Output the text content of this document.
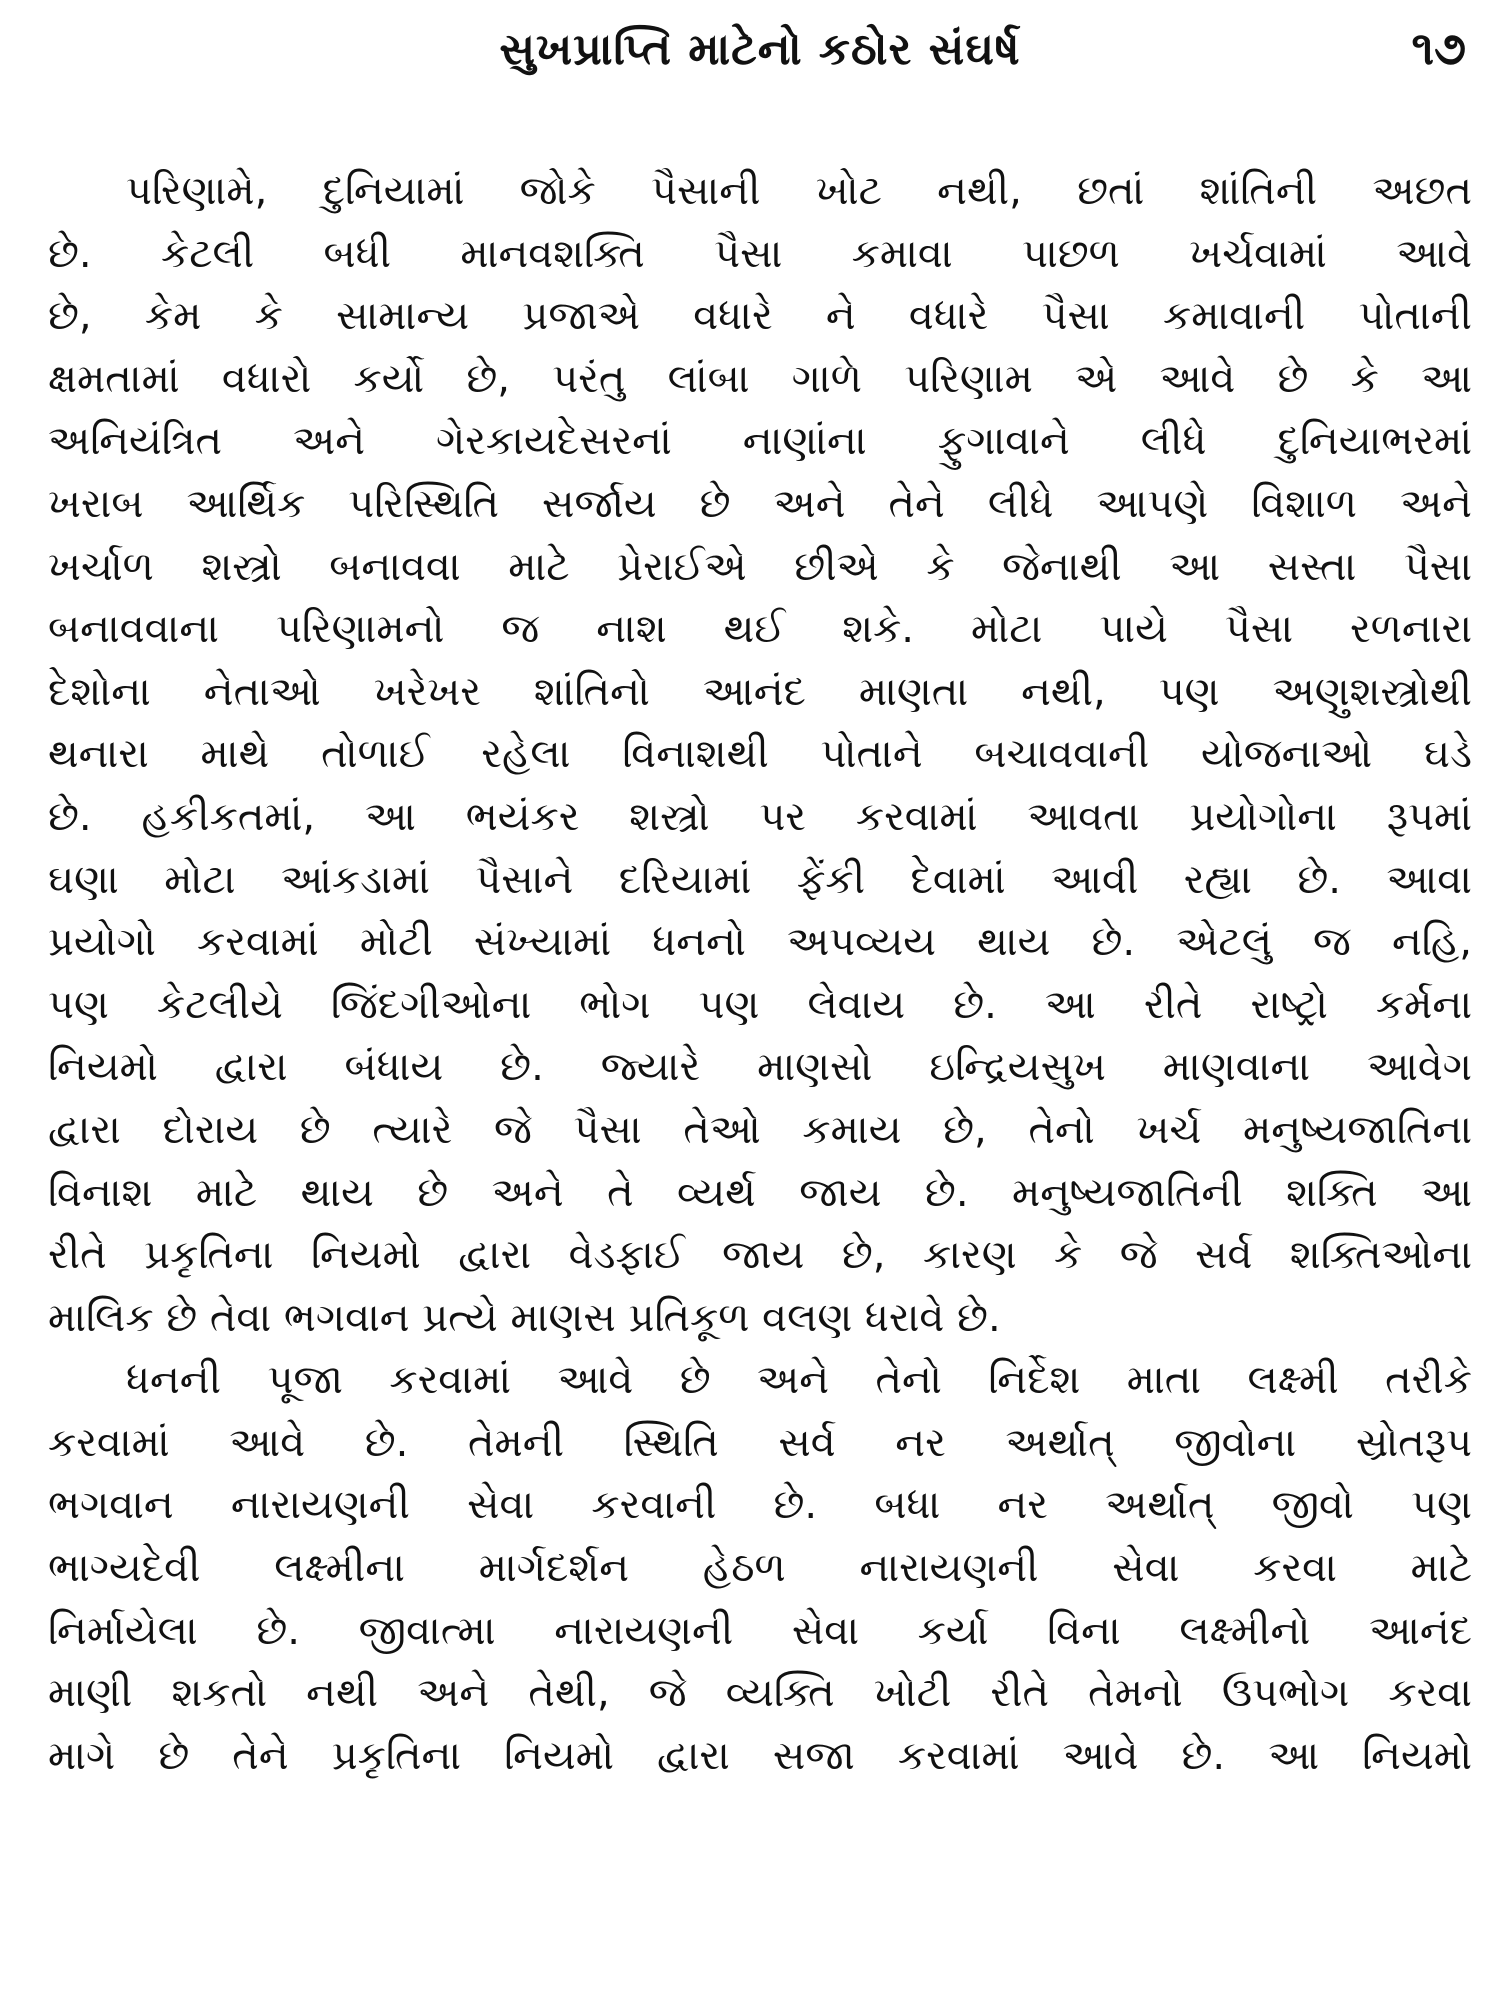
સુખપ્રાપ્તિ માટેનો કઠોર સંઘર્ષ	૧૭
પરિણામે, દુનિયામાં જોકે પૈસાની ખોટ નથી, છતાં શાંતિની અછત
છે. કેટલી બધી માનવશક્તિ પૈસા કમાવા પાછળ ખર્ચવામાં આવે
છે, કેમ કે સામાન્ય પ્રજાએ વધારે ને વધારે પૈસા કમાવાની પોતાની
ક્ષમતામાં વધારો કર્યો છે, પરંતુ લાંબા ગાળે પરિણામ એ આવે છે કે આ
અનિયંત્રિત અને ગેરકાયદેસરનાં નાણાંના ફુગાવાને લીધે દુનિયાભરમાં
ખરાબ આર્થિક પરિસ્થિતિ સર્જાય છે અને તેને લીધે આપણે વિશાળ અને
ખર્ચાળ શસ્ત્રો બનાવવા માટે પ્રેરાઈએ છીએ કે જેનાથી આ સસ્તા પૈસા
બનાવવાના પરિણામનો જ નાશ થઈ શકે. મોટા પાયે પૈસા રળનારા
દેશોના નેતાઓ ખરેખર શાંતિનો આનંદ માણતા નથી, પણ અણુશસ્ત્રોથી
થનારા માથે તોળાઈ રહેલા વિનાશથી પોતાને બચાવવાની યોજનાઓ ઘડે
છે. હકીકતમાં, આ ભયંકર શસ્ત્રો પર કરવામાં આવતા પ્રયોગોના રૂપમાં
ઘણા મોટા આંકડામાં પૈસાને દરિયામાં ફેંકી દેવામાં આવી રહ્યા છે. આવા
પ્રયોગો કરવામાં મોટી સંખ્યામાં ધનનો અપવ્યય થાય છે. એટલું જ નહિ,
પણ કેટલીયે જિંદગીઓના ભોગ પણ લેવાય છે. આ રીતે રાષ્ટ્રો કર્મના
નિયમો દ્વારા બંધાય છે. જ્યારે માણસો ઇન્દ્રિયસુખ માણવાના આવેગ
દ્વારા દોરાય છે ત્યારે જે પૈસા તેઓ કમાય છે, તેનો ખર્ચ મનુષ્યજાતિના
વિનાશ માટે થાય છે અને તે વ્યર્થ જાય છે. મનુષ્યજાતિની શક્તિ આ
રીતે પ્રકૃતિના નિયમો દ્વારા વેડફાઈ જાય છે, કારણ કે જે સર્વ શક્તિઓના
માલિક છે તેવા ભગવાન પ્રત્યે માણસ પ્રતિકૂળ વલણ ધરાવે છે.
ધનની પૂજા કરવામાં આવે છે અને તેનો નિર્દેશ માતા લક્ષ્મી તરીકે
કરવામાં આવે છે. તેમની સ્થિતિ સર્વ નર અર્થાત્ જીવોના સ્રોતરૂપ
ભગવાન નારાયણની સેવા કરવાની છે. બધા નર અર્થાત્ જીવો પણ
ભાગ્યદેવી લક્ષ્મીના માર્ગદર્શન હેઠળ નારાયણની સેવા કરવા માટે
નિર્માયેલા છે. જીવાત્મા નારાયણની સેવા કર્યા વિના લક્ષ્મીનો આનંદ
માણી શકતો નથી અને તેથી, જે વ્યક્તિ ખોટી રીતે તેમનો ઉપભોગ કરવા
માગે છે તેને પ્રકૃતિના નિયમો દ્વારા સજા કરવામાં આવે છે. આ નિયમો
